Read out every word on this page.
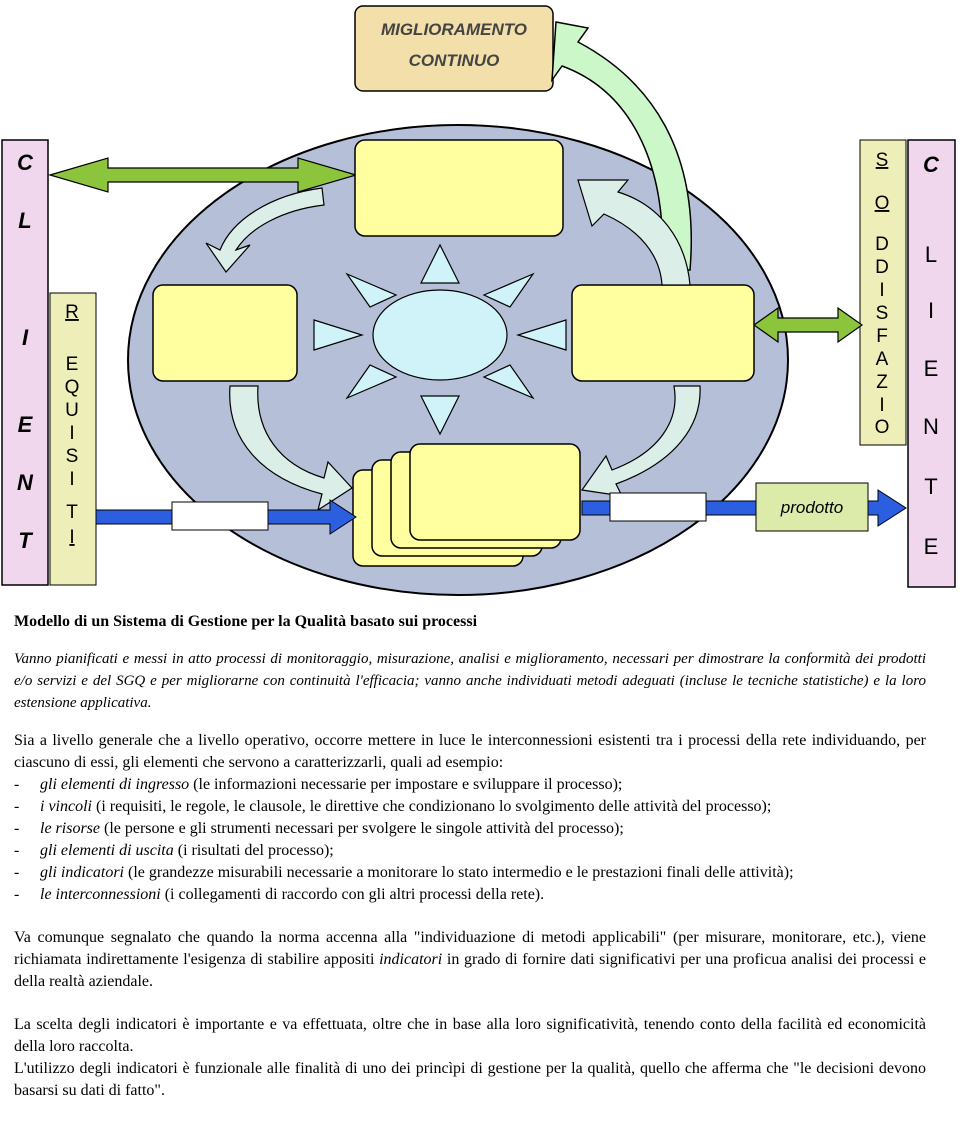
C
L
I
E
N
T
R
E
Q
U
I
S
I
T
I
S
O
D
D
I
S
F
A
Z
I
O
C
L
I
E
N
T
E
MIGLIORAMENTO
CONTINUO
prodotto
Modello di un Sistema di Gestione per la Qualità basato sui processi

Vanno pianificati e messi in atto processi di monitoraggio, misurazione, analisi e miglioramento, necessari per dimostrare la conformità dei prodotti e/o servizi e del SGQ e per migliorarne con continuità l'efficacia; vanno anche individuati metodi adeguati (incluse le tecniche statistiche) e la loro estensione applicativa.

Sia a livello generale che a livello operativo, occorre mettere in luce le interconnessioni esistenti tra i processi della rete individuando, per ciascuno di essi, gli elementi che servono a caratterizzarli, quali ad esempio:

- gli elementi di ingresso (le informazioni necessarie per impostare e sviluppare il processo);
- i vincoli (i requisiti, le regole, le clausole, le direttive che condizionano lo svolgimento delle attività del processo);
- le risorse (le persone e gli strumenti necessari per svolgere le singole attività del processo);
- gli elementi di uscita (i risultati del processo);
- gli indicatori (le grandezze misurabili necessarie a monitorare lo stato intermedio e le prestazioni finali delle attività);
- le interconnessioni (i collegamenti di raccordo con gli altri processi della rete).

Va comunque segnalato che quando la norma accenna alla "individuazione di metodi applicabili" (per misurare, monitorare, etc.), viene richiamata indirettamente l'esigenza di stabilire appositi indicatori in grado di fornire dati significativi per una proficua analisi dei processi e della realtà aziendale.

La scelta degli indicatori è importante e va effettuata, oltre che in base alla loro significatività, tenendo conto della facilità ed economicità della loro raccolta.

L'utilizzo degli indicatori è funzionale alle finalità di uno dei princìpi di gestione per la qualità, quello che afferma che "le decisioni devono basarsi su dati di fatto".
